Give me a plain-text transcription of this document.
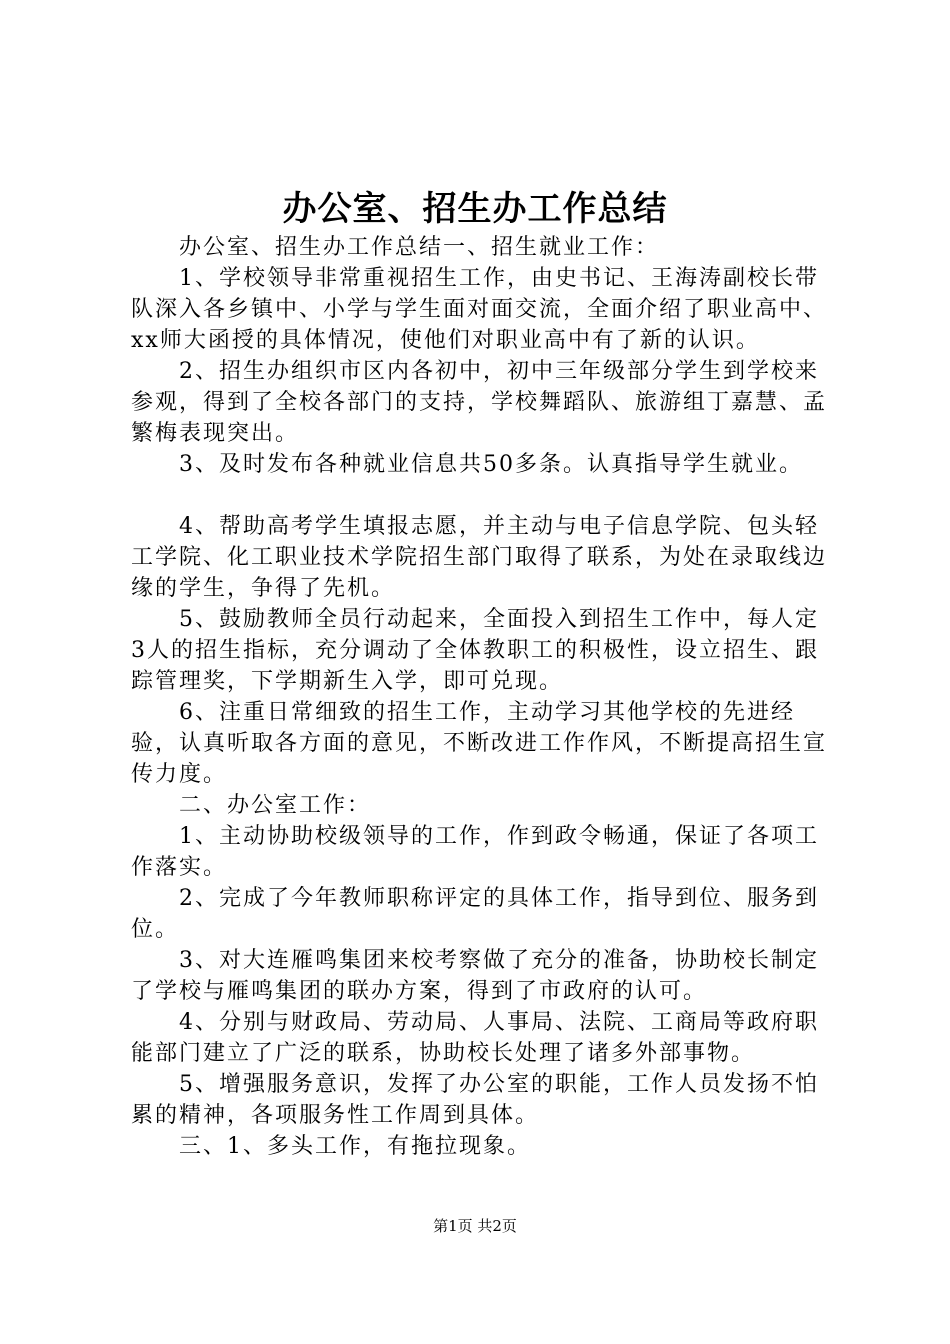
办公室、招生办工作总结

办公室、招生办工作总结一、招生就业工作：

1、学校领导非常重视招生工作，由史书记、王海涛副校长带队深入各乡镇中、小学与学生面对面交流，全面介绍了职业高中、xx师大函授的具体情况，使他们对职业高中有了新的认识。

2、招生办组织市区内各初中，初中三年级部分学生到学校来参观，得到了全校各部门的支持，学校舞蹈队、旅游组丁嘉慧、孟繁梅表现突出。

3、及时发布各种就业信息共50多条。认真指导学生就业。

4、帮助高考学生填报志愿，并主动与电子信息学院、包头轻工学院、化工职业技术学院招生部门取得了联系，为处在录取线边缘的学生，争得了先机。

5、鼓励教师全员行动起来，全面投入到招生工作中，每人定3人的招生指标，充分调动了全体教职工的积极性，设立招生、跟踪管理奖，下学期新生入学，即可兑现。

6、注重日常细致的招生工作，主动学习其他学校的先进经验，认真听取各方面的意见，不断改进工作作风，不断提高招生宣传力度。

二、办公室工作：

1、主动协助校级领导的工作，作到政令畅通，保证了各项工作落实。

2、完成了今年教师职称评定的具体工作，指导到位、服务到位。

3、对大连雁鸣集团来校考察做了充分的准备，协助校长制定了学校与雁鸣集团的联办方案，得到了市政府的认可。

4、分别与财政局、劳动局、人事局、法院、工商局等政府职能部门建立了广泛的联系，协助校长处理了诸多外部事物。

5、增强服务意识，发挥了办公室的职能，工作人员发扬不怕累的精神，各项服务性工作周到具体。

三、1、多头工作，有拖拉现象。

第1页 共2页
